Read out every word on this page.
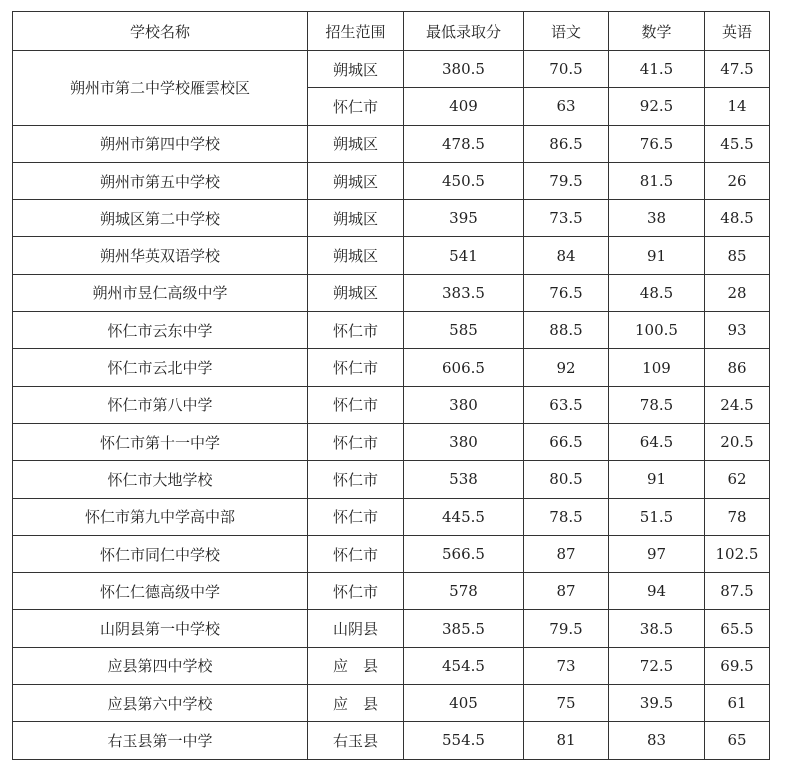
学校名称	招生范围	最低录取分	语文	数学	英语
朔州市第二中学校雁雲校区	朔城区	380.5	70.5	41.5	47.5
	怀仁市	409	63	92.5	14
朔州市第四中学校	朔城区	478.5	86.5	76.5	45.5
朔州市第五中学校	朔城区	450.5	79.5	81.5	26
朔城区第二中学校	朔城区	395	73.5	38	48.5
朔州华英双语学校	朔城区	541	84	91	85
朔州市昱仁高级中学	朔城区	383.5	76.5	48.5	28
怀仁市云东中学	怀仁市	585	88.5	100.5	93
怀仁市云北中学	怀仁市	606.5	92	109	86
怀仁市第八中学	怀仁市	380	63.5	78.5	24.5
怀仁市第十一中学	怀仁市	380	66.5	64.5	20.5
怀仁市大地学校	怀仁市	538	80.5	91	62
怀仁市第九中学高中部	怀仁市	445.5	78.5	51.5	78
怀仁市同仁中学校	怀仁市	566.5	87	97	102.5
怀仁仁德高级中学	怀仁市	578	87	94	87.5
山阴县第一中学校	山阴县	385.5	79.5	38.5	65.5
应县第四中学校	应　县	454.5	73	72.5	69.5
应县第六中学校	应　县	405	75	39.5	61
右玉县第一中学	右玉县	554.5	81	83	65
